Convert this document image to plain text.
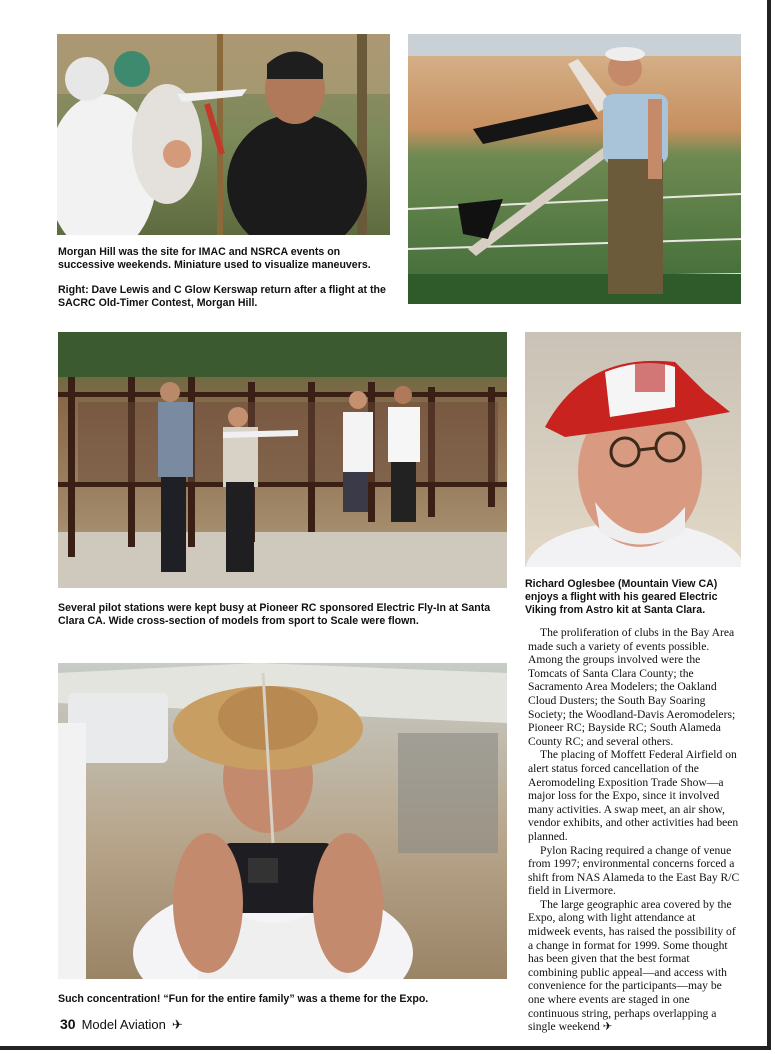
Morgan Hill was the site for IMAC and NSRCA events on successive weekends. Miniature used to visualize maneuvers.
Right: Dave Lewis and C Glow Kerswap return after a flight at the SACRC Old-Timer Contest, Morgan Hill.
Several pilot stations were kept busy at Pioneer RC sponsored Electric Fly-In at Santa Clara CA. Wide cross-section of models from sport to Scale were flown.
Richard Oglesbee (Mountain View CA) enjoys a flight with his geared Electric Viking from Astro kit at Santa Clara.
Such concentration! “Fun for the entire family” was a theme for the Expo.

The proliferation of clubs in the Bay Area made such a variety of events possible. Among the groups involved were the Tomcats of Santa Clara County; the Sacramento Area Modelers; the Oakland Cloud Dusters; the South Bay Soaring Society; the Woodland-Davis Aeromodelers; Pioneer RC; Bayside RC; South Alameda County RC; and several others.

The placing of Moffett Federal Airfield on alert status forced cancellation of the Aeromodeling Exposition Trade Show—a major loss for the Expo, since it involved many activities. A swap meet, an air show, vendor exhibits, and other activities had been planned.

Pylon Racing required a change of venue from 1997; environmental concerns forced a shift from NAS Alameda to the East Bay R/C field in Livermore.

The large geographic area covered by the Expo, along with light attendance at midweek events, has raised the possibility of a change in format for 1999. Some thought has been given that the best format combining public appeal—and access with convenience for the participants—may be one where events are staged in one continuous string, perhaps overlapping a single weekend ✈

30 Model Aviation ✈
